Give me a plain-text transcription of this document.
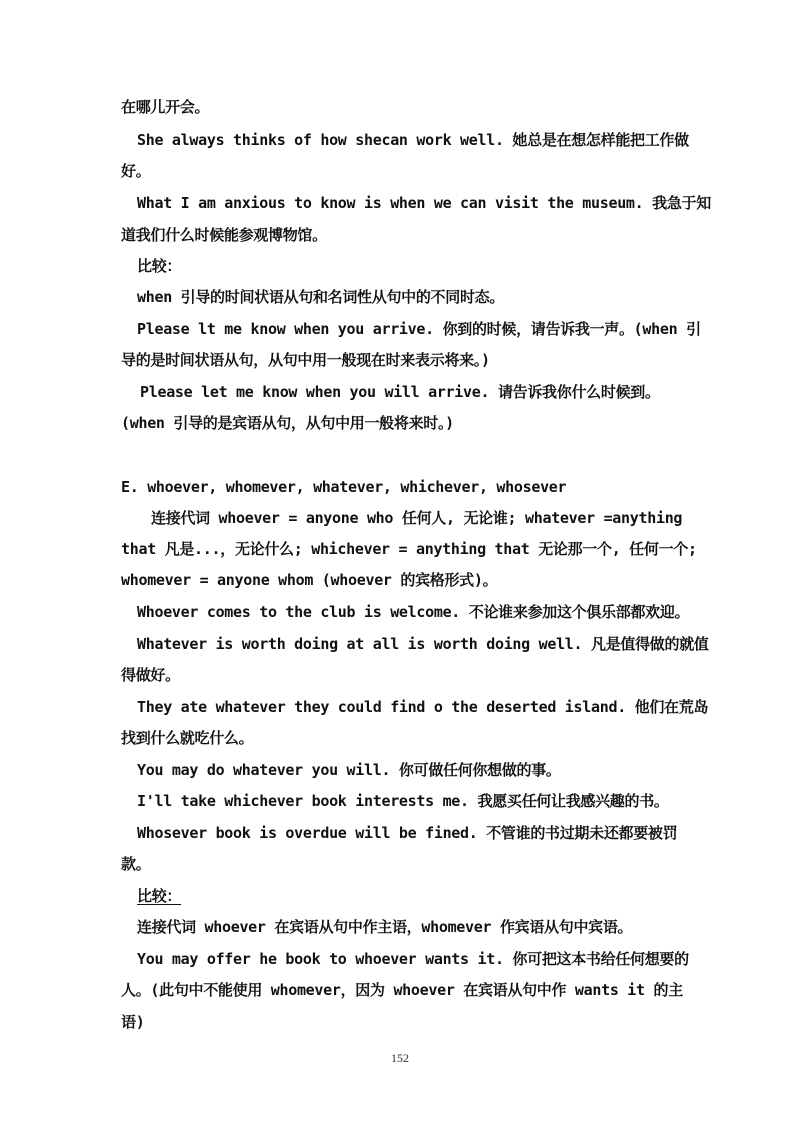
在哪儿开会。
She always thinks of how shecan work well. 她总是在想怎样能把工作做
好。
What I am anxious to know is when we can visit the museum. 我急于知
道我们什么时候能参观博物馆。
比较：
when 引导的时间状语从句和名词性从句中的不同时态。
Please lt me know when you arrive. 你到的时候，请告诉我一声。(when 引
导的是时间状语从句，从句中用一般现在时来表示将来。)
Please let me know when you will arrive. 请告诉我你什么时候到。
(when 引导的是宾语从句，从句中用一般将来时。)
E. whoever, whomever, whatever, whichever, whosever
连接代词 whoever = anyone who 任何人, 无论谁; whatever =anything
that 凡是...，无论什么; whichever = anything that 无论那一个, 任何一个;
whomever = anyone whom (whoever 的宾格形式)。
Whoever comes to the club is welcome. 不论谁来参加这个俱乐部都欢迎。
Whatever is worth doing at all is worth doing well. 凡是值得做的就值
得做好。
They ate whatever they could find o the deserted island. 他们在荒岛
找到什么就吃什么。
You may do whatever you will. 你可做任何你想做的事。
I'll take whichever book interests me. 我愿买任何让我感兴趣的书。
Whosever book is overdue will be fined. 不管谁的书过期未还都要被罚
款。
比较：
连接代词 whoever 在宾语从句中作主语，whomever 作宾语从句中宾语。
You may offer he book to whoever wants it. 你可把这本书给任何想要的
人。(此句中不能使用 whomever，因为 whoever 在宾语从句中作 wants it 的主
语)
152
